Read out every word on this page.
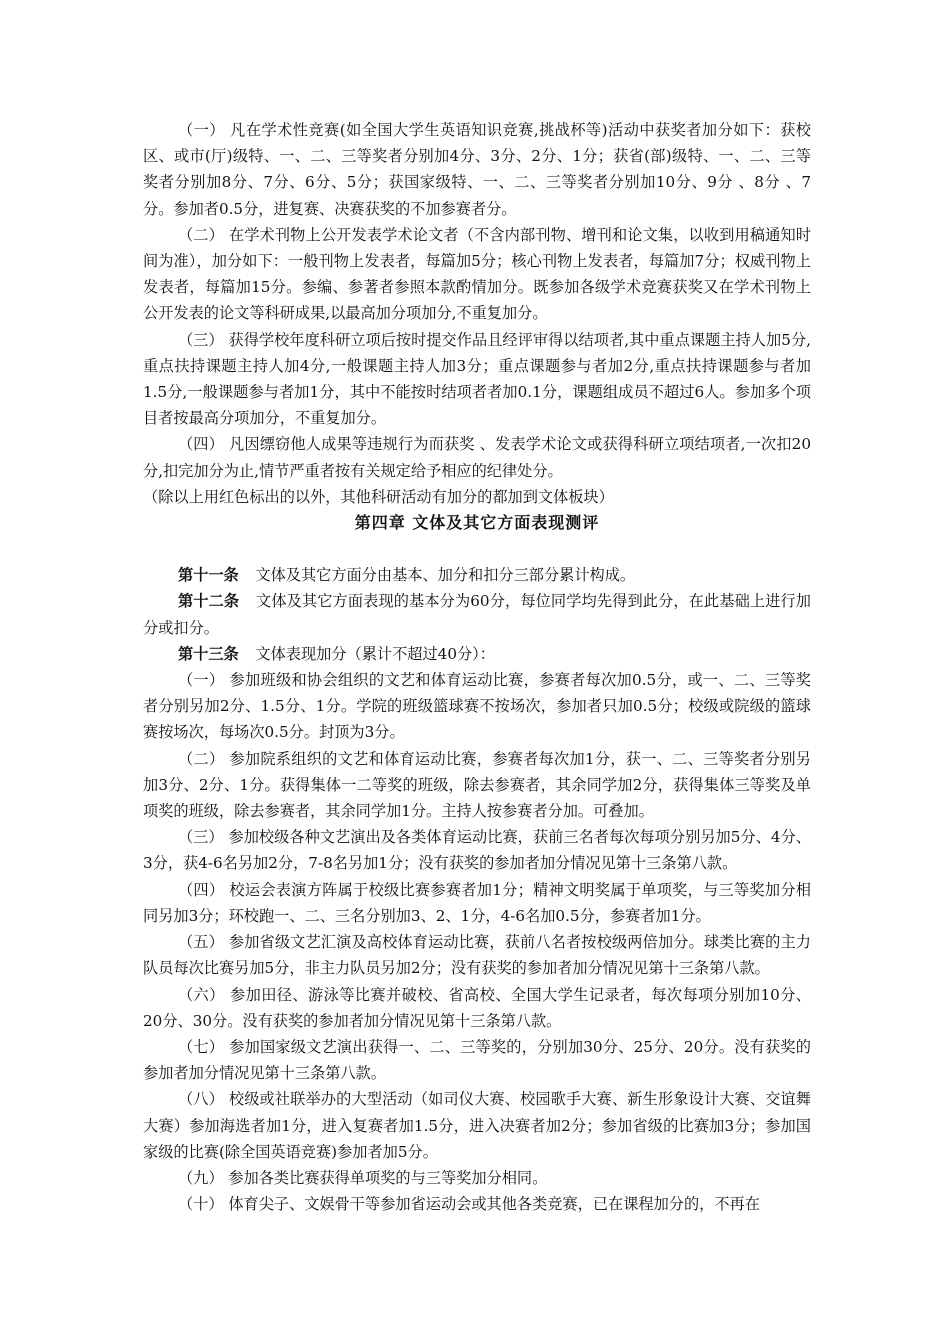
（一） 凡在学术性竞赛(如全国大学生英语知识竞赛,挑战杯等)活动中获奖者加分如下：获校区、或市(厅)级特、一、二、三等奖者分别加4分、3分、2分、1分；获省(部)级特、一、二、三等奖者分别加8分、7分、6分、5分；获国家级特、一、二、三等奖者分别加10分、9分 、8分 、7分。参加者0.5分，进复赛、决赛获奖的不加参赛者分。

（二） 在学术刊物上公开发表学术论文者（不含内部刊物、增刊和论文集，以收到用稿通知时间为准），加分如下：一般刊物上发表者，每篇加5分；核心刊物上发表者，每篇加7分；权威刊物上发表者，每篇加15分。参编、参著者参照本款酌情加分。既参加各级学术竞赛获奖又在学术刊物上公开发表的论文等科研成果,以最高加分项加分,不重复加分。

（三） 获得学校年度科研立项后按时提交作品且经评审得以结项者,其中重点课题主持人加5分,重点扶持课题主持人加4分,一般课题主持人加3分；重点课题参与者加2分,重点扶持课题参与者加1.5分,一般课题参与者加1分，其中不能按时结项者者加0.1分，课题组成员不超过6人。参加多个项目者按最高分项加分，不重复加分。

（四） 凡因缥窃他人成果等违规行为而获奖 、发表学术论文或获得科研立项结项者,一次扣20分,扣完加分为止,情节严重者按有关规定给予相应的纪律处分。

（除以上用红色标出的以外，其他科研活动有加分的都加到文体板块）

第四章 文体及其它方面表现测评

第十一条 文体及其它方面分由基本、加分和扣分三部分累计构成。

第十二条 文体及其它方面表现的基本分为60分，每位同学均先得到此分，在此基础上进行加分或扣分。

第十三条 文体表现加分（累计不超过40分）：

（一） 参加班级和协会组织的文艺和体育运动比赛，参赛者每次加0.5分，或一、二、三等奖者分别另加2分、1.5分、1分。学院的班级篮球赛不按场次，参加者只加0.5分；校级或院级的篮球赛按场次，每场次0.5分。封顶为3分。

（二） 参加院系组织的文艺和体育运动比赛，参赛者每次加1分，获一、二、三等奖者分别另加3分、2分、1分。获得集体一二等奖的班级，除去参赛者，其余同学加2分，获得集体三等奖及单项奖的班级，除去参赛者，其余同学加1分。主持人按参赛者分加。可叠加。

（三） 参加校级各种文艺演出及各类体育运动比赛，获前三名者每次每项分别另加5分、4分、3分，获4-6名另加2分，7-8名另加1分；没有获奖的参加者加分情况见第十三条第八款。

（四） 校运会表演方阵属于校级比赛参赛者加1分；精神文明奖属于单项奖，与三等奖加分相同另加3分；环校跑一、二、三名分别加3、2、1分，4-6名加0.5分，参赛者加1分。

（五） 参加省级文艺汇演及高校体育运动比赛，获前八名者按校级两倍加分。球类比赛的主力队员每次比赛另加5分，非主力队员另加2分；没有获奖的参加者加分情况见第十三条第八款。

（六） 参加田径、游泳等比赛并破校、省高校、全国大学生记录者，每次每项分别加10分、20分、30分。没有获奖的参加者加分情况见第十三条第八款。

（七） 参加国家级文艺演出获得一、二、三等奖的，分别加30分、25分、20分。没有获奖的参加者加分情况见第十三条第八款。

（八） 校级或社联举办的大型活动（如司仪大赛、校园歌手大赛、新生形象设计大赛、交谊舞大赛）参加海选者加1分，进入复赛者加1.5分，进入决赛者加2分；参加省级的比赛加3分；参加国家级的比赛(除全国英语竞赛)参加者加5分。

（九） 参加各类比赛获得单项奖的与三等奖加分相同。

（十） 体育尖子、文娱骨干等参加省运动会或其他各类竞赛，已在课程加分的，不再在
